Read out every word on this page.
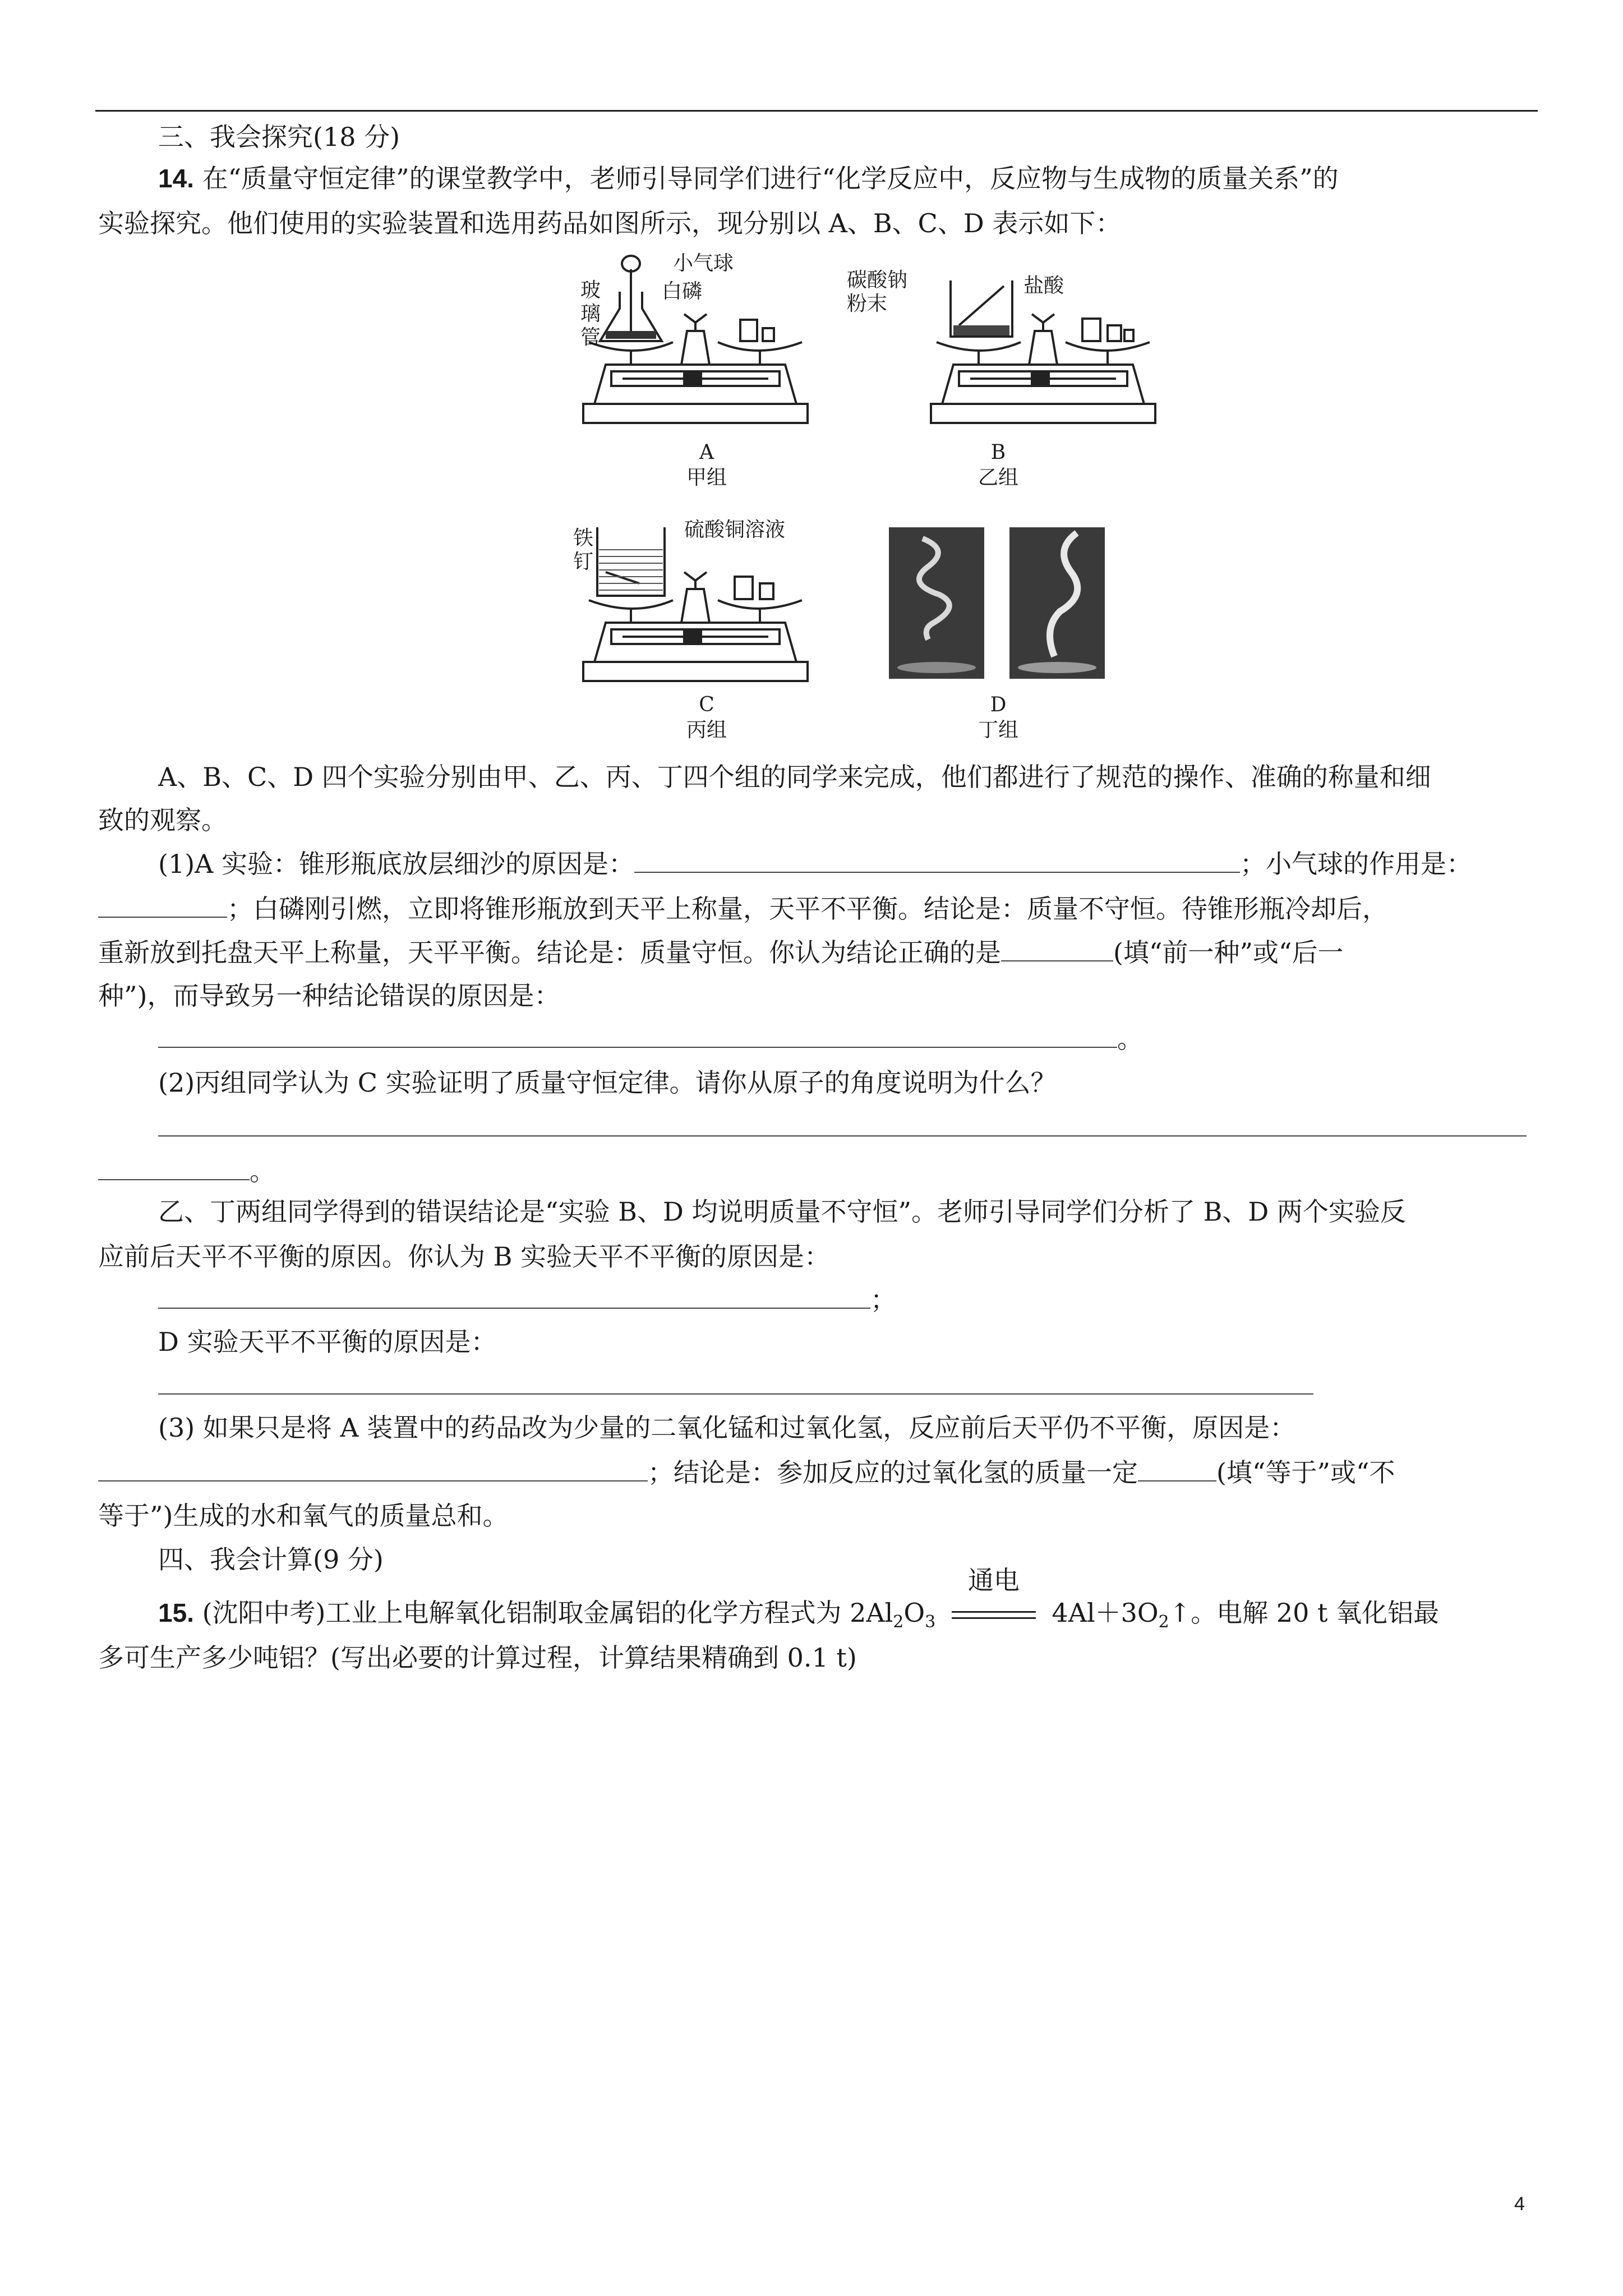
三、我会探究(18 分)
14. 在“质量守恒定律”的课堂教学中，老师引导同学们进行“化学反应中，反应物与生成物的质量关系”的
实验探究。他们使用的实验装置和选用药品如图所示，现分别以 A、B、C、D 表示如下：
小气球
白磷
玻
璃
管
A
甲组
碳酸钠
粉末
盐酸
B
乙组
铁
钉
硫酸铜溶液
C
丙组
D
丁组
A、B、C、D 四个实验分别由甲、乙、丙、丁四个组的同学来完成，他们都进行了规范的操作、准确的称量和细
致的观察。
(1)A 实验：锥形瓶底放层细沙的原因是：	；小气球的作用是：
；白磷刚引燃，立即将锥形瓶放到天平上称量，天平不平衡。结论是：质量不守恒。待锥形瓶冷却后，
重新放到托盘天平上称量，天平平衡。结论是：质量守恒。你认为结论正确的是	(填“前一种”或“后一
种”)，而导致另一种结论错误的原因是：
。
(2)丙组同学认为 C 实验证明了质量守恒定律。请你从原子的角度说明为什么？
。
乙、丁两组同学得到的错误结论是“实验 B、D 均说明质量不守恒”。老师引导同学们分析了 B、D 两个实验反
应前后天平不平衡的原因。你认为 B 实验天平不平衡的原因是：
；
D 实验天平不平衡的原因是：
(3) 如果只是将 A 装置中的药品改为少量的二氧化锰和过氧化氢，反应前后天平仍不平衡，原因是：
；结论是：参加反应的过氧化氢的质量一定	(填“等于”或“不
等于”)生成的水和氧气的质量总和。
四、我会计算(9 分)
15. (沈阳中考)工业上电解氧化铝制取金属铝的化学方程式为 $2Al_2O_3$
通电
$4Al+3O_2↑$。电解 20 t 氧化铝最
多可生产多少吨铝？(写出必要的计算过程，计算结果精确到 0.1 t)
4
